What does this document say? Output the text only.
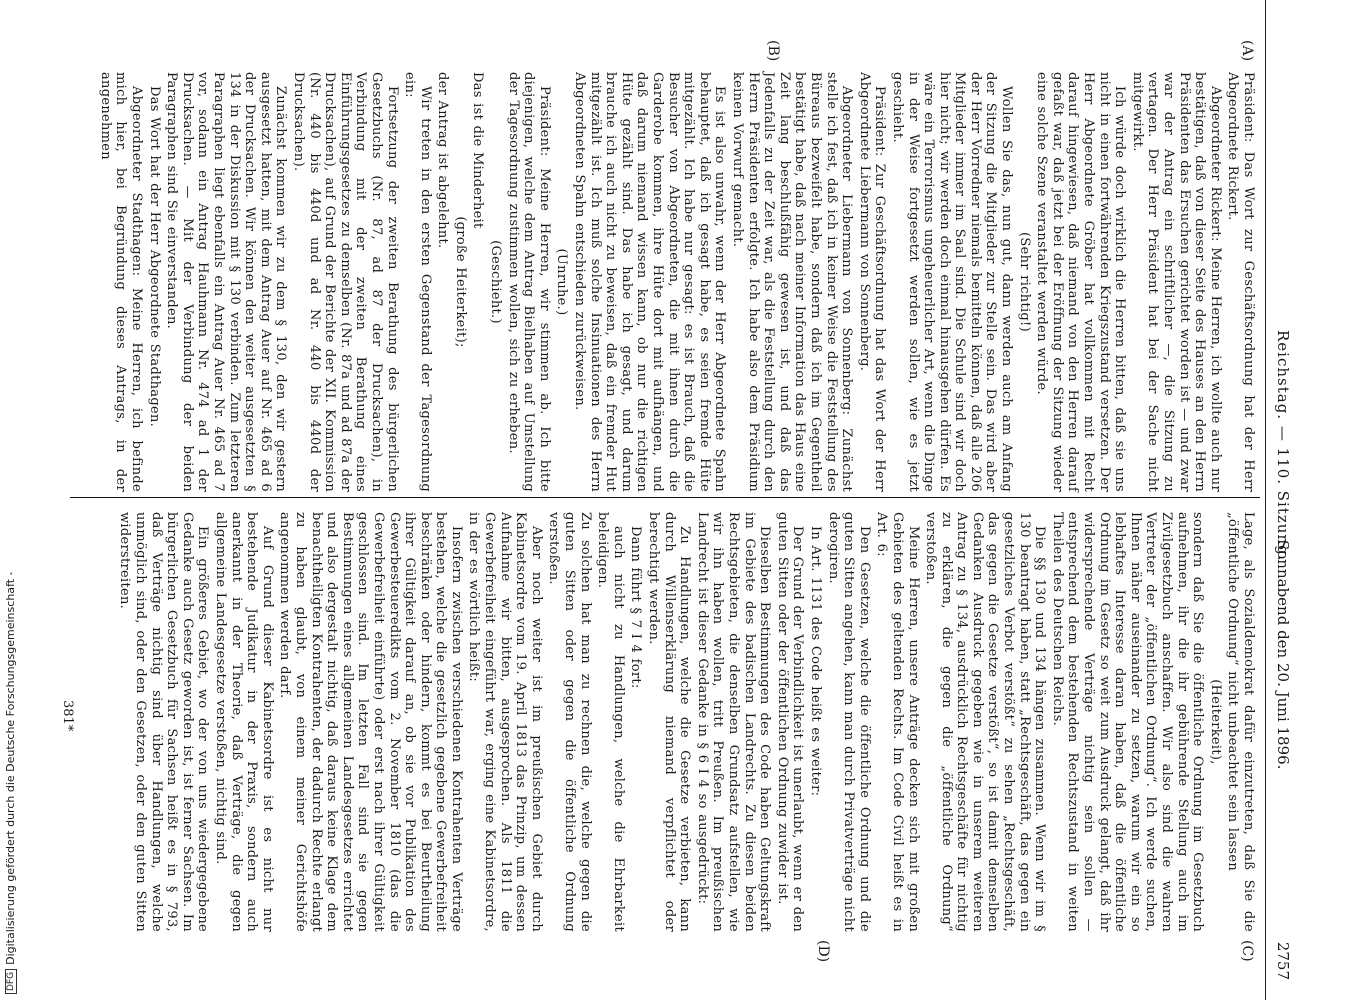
Reichstag. — 110. Sitzung.
Sonnabend den 20. Juni 1896.
2757
(A)
(B)
(C)
(D)

Präsident: Das Wort zur Geschäftsordnung hat der Herr Abgeordnete Rickert.

Abgeordneter Rickert: Meine Herren, ich wollte auch nur bestätigen, daß von dieser Seite des Hauses an den Herrn Präsidenten das Ersuchen gerichtet worden ist — und zwar war der Antrag ein schriftlicher —, die Sitzung zu vertagen. Der Herr Präsident hat bei der Sache nicht mitgewirkt.

Ich würde doch wirklich die Herren bitten, daß sie uns nicht in einen fortwährenden Kriegszustand versetzen. Der Herr Abgeordnete Gröber hat vollkommen mit Recht darauf hingewiesen, daß niemand von den Herren darauf gefaßt war, daß jetzt bei der Eröffnung der Sitzung wieder eine solche Szene veranstaltet werden würde.

(Sehr richtig!)

Wollen Sie das, nun gut, dann werden auch am Anfang der Sitzung die Mitglieder zur Stelle sein. Das wird aber der Herr Vorredner niemals bemitteln können, daß alle 206 Mitglieder immer im Saal sind. Die Schule sind wir doch hier nicht; wir werden doch einmal hinausgehen dürfen. Es wäre ein Terrorismus ungeheuerlicher Art, wenn die Dinge in der Weise fortgesetzt werden sollen, wie es jetzt geschieht.

Präsident: Zur Geschäftsordnung hat das Wort der Herr Abgeordnete Liebermann von Sonnenberg.

Abgeordneter Liebermann von Sonnenberg: Zunächst stelle ich fest, daß ich in keiner Weise die Feststellung des Büreaus bezweifelt habe, sondern daß ich im Gegentheil bestätigt habe, daß nach meiner Information das Haus eine Zeit lang beschlußfähig gewesen ist, und daß das Jedenfalls zu der Zeit war, als die Feststellung durch den Herrn Präsidenten erfolgte. Ich habe also dem Präsidium keinen Vorwurf gemacht.

Es ist also unwahr, wenn der Herr Abgeordnete Spahn behauptet, daß ich gesagt habe, es seien fremde Hüte mitgezählt. Ich habe nur gesagt: es ist Brauch, daß die Besucher von Abgeordneten, die mit ihnen durch die Garderobe kommen, ihre Hüte dort mit aufhängen, und daß darum niemand wissen kann, ob nur die richtigen Hüte gezählt sind. Das habe ich gesagt, und darum brauche ich auch nicht zu beweisen, daß ein fremder Hut mitgezählt ist. Ich muß solche Insinuationen des Herrn Abgeordneten Spahn entschieden zurückweisen.

(Unruhe.)

Präsident: Meine Herren, wir stimmen ab. Ich bitte diejenigen, welche dem Antrag Bielhaben auf Umstellung der Tagesordnung zustimmen wollen, sich zu erheben.

(Geschieht.)

Das ist die Minderheit

(große Heiterkeit);

der Antrag ist abgelehnt.

Wir treten in den ersten Gegenstand der Tagesordnung ein:

Fortsetzung der zweiten Berathung des bürgerlichen Gesetzbuchs (Nr. 87, ad 87 der Drucksachen), in Verbindung mit der zweiten Berathung eines Einführungsgesetzes zu demselben (Nr. 87a und ad 87a der Drucksachen), auf Grund der Berichte der XII. Kommission (Nr. 440 bis 440d und ad Nr. 440 bis 440d der Drucksachen).

Zunächst kommen wir zu dem § 130, den wir gestern ausgesetzt hatten, mit dem Antrag Auer auf Nr. 465 ad 6 der Drucksachen. Wir können den weiter ausgesetzten § 134 in der Diskussion mit § 130 verbinden. Zum letzteren Paragraphen liegt ebenfalls ein Antrag Auer Nr. 465 ad 7 vor, sodann ein Antrag Hauhmann Nr. 474 ad 1 der Drucksachen. — Mit der Verbindung der beiden Paragraphen sind Sie einverstanden.

Das Wort hat der Herr Abgeordnete Stadthagen.

Abgeordneter Stadthagen: Meine Herren, ich befinde mich hier, bei Begründung dieses Antrags, in der angenehmen

Lage, als Sozialdemokrat dafür einzutreten, daß Sie die „öffentliche Ordnung“ nicht unbeachtet sein lassen

(Heiterkeit),

sondern daß Sie die öffentliche Ordnung im Gesetzbuch aufnehmen, ihr die ihr gebührende Stellung auch im Zivilgesetzbuch anschaffen. Wir also sind die wahren Vertreter der „öffentlichen Ordnung“. Ich werde suchen, Ihnen näher auseinander zu setzen, warum wir ein so lebhaftes Interesse daran haben, daß die öffentliche Ordnung im Gesetz so weit zum Ausdruck gelangt, daß ihr widersprechende Verträge nichtig sein sollen — entsprechend dem bestehenden Rechtszustand in weiten Theilen des Deutschen Reichs.

Die §§ 130 und 134 hängen zusammen. Wenn wir im § 130 beantragt haben, statt „Rechtsgeschäft, das gegen ein gesetzliches Verbot verstößt“ zu sehen „Rechtsgeschäft, das gegen die Gesetze verstößt“, so ist damit demselben Gedanken Ausdruck gegeben wie in unserem weiteren Antrag zu § 134, ausdrücklich Rechtsgeschäfte für nichtig zu erklären, die gegen die „öffentliche Ordnung“ verstoßen.

Meine Herren, unsere Anträge decken sich mit großen Gebieten des geltenden Rechts. Im Code Civil heißt es in Art. 6:

Den Gesetzen, welche die öffentliche Ordnung und die guten Sitten angehen, kann man durch Privatverträge nicht derogiren.

In Art. 1131 des Code heißt es weiter:

Der Grund der Verbindlichkeit ist unerlaubt, wenn er den guten Sitten oder der öffentlichen Ordnung zuwider ist.

Dieselben Bestimmungen des Code haben Geltungskraft im Gebiete des badischen Landrechts. Zu diesen beiden Rechtsgebieten, die denselben Grundsatz aufstellen, wie wir ihn haben wollen, tritt Preußen. Im preußischen Landrecht ist dieser Gedanke in § 6 I 4 so ausgedrückt:

Zu Handlungen, welche die Gesetze verbieten, kann durch Willenserklärung niemand verpflichtet oder berechtigt werden.

Dann führt § 7 I 4 fort:

auch nicht zu Handlungen, welche die Ehrbarkeit beleidigen.

Zu solchen hat man zu rechnen die, welche gegen die guten Sitten oder gegen die öffentliche Ordnung verstoßen.

Aber noch weiter ist im preußischen Gebiet durch Kabinetsordre vom 19. April 1813 das Prinzip, um dessen Aufnahme wir bitten, ausgesprochen. Als 1811 die Gewerbefreiheit eingeführt war, erging eine Kabinetsordre, in der es wörtlich heißt:

Insofern zwischen verschiedenen Kontrahenten Verträge bestehen, welche die gesetzlich gegebene Gewerbefreiheit beschränken oder hindern, kommt es bei Beurtheilung ihrer Gültigkeit darauf an, ob sie vor Publikation des Gewerbesteueredikts vom 2. November 1810 (das die Gewerbefreiheit einführte) oder erst nach ihrer Gültigkeit geschlossen sind. Im letzten Fall sind sie gegen Bestimmungen eines allgemeinen Landesgesetzes errichtet und also dergestalt nichtig, daß daraus keine Klage dem benachtheiligten Kontrahenten, der dadurch Rechte erlangt zu haben glaubt, von einem meiner Gerichtshöfe angenommen werden darf.

Auf Grund dieser Kabinetsordre ist es nicht nur bestehende Judikatur in der Praxis, sondern auch anerkannt in der Theorie, daß Verträge, die gegen allgemeine Landesgesetze verstoßen, nichtig sind.

Ein größeres Gebiet, wo der von uns wiedergegebene Gedanke auch Gesetz geworden ist, ist ferner Sachsen. Im bürgerlichen Gesetzbuch für Sachsen heißt es in § 793, daß Verträge nichtig sind über Handlungen, welche unmöglich sind, oder den Gesetzen, oder den guten Sitten widerstreiten.

381*
DFGDigitalisierung gefördert durch die Deutsche Forschungsgemeinschaft -
